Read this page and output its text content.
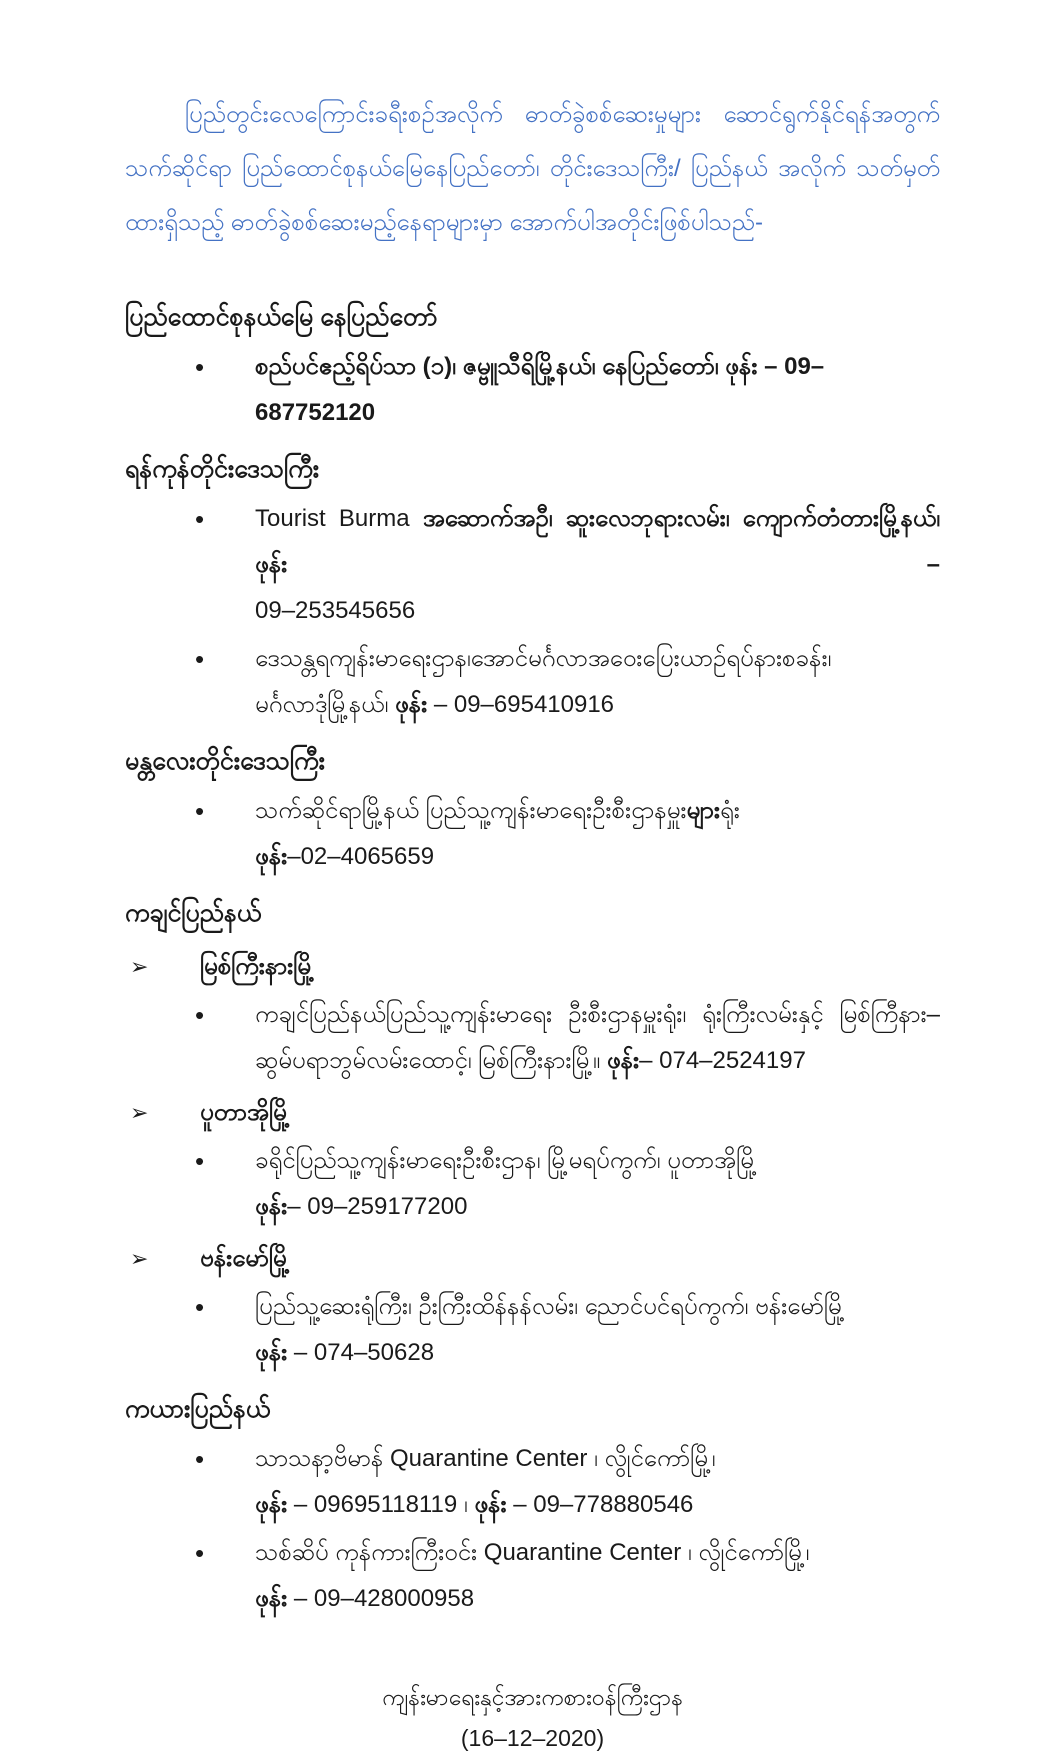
ပြည်တွင်းလေကြောင်းခရီးစဉ်အလိုက် ဓာတ်ခွဲစစ်ဆေးမှုများ ဆောင်ရွက်နိုင်ရန်အတွက် သက်ဆိုင်ရာ ပြည်ထောင်စုနယ်မြေနေပြည်တော်၊ တိုင်းဒေသကြီး/ ပြည်နယ် အလိုက် သတ်မှတ်ထားရှိသည့် ဓာတ်ခွဲစစ်ဆေးမည့်နေရာများမှာ အောက်ပါအတိုင်းဖြစ်ပါသည်-

ပြည်ထောင်စုနယ်မြေ နေပြည်တော်
•	စည်ပင်ဧည့်ရိပ်သာ (၁)၊ ဇမ္ဗူသီရိမြို့နယ်၊ နေပြည်တော်၊ ဖုန်း – 09–687752120
ရန်ကုန်တိုင်းဒေသကြီး
•	Tourist Burma အဆောက်အဦ၊ ဆူးလေဘုရားလမ်း၊ ကျောက်တံတားမြို့နယ်၊ ဖုန်း –
09–253545656
•	ဒေသန္တရကျန်းမာရေးဌာန၊အောင်မင်္ဂလာအဝေးပြေးယာဉ်ရပ်နားစခန်း၊
မင်္ဂလာဒုံမြို့နယ်၊ ဖုန်း – 09–695410916
မန္တလေးတိုင်းဒေသကြီး
•	သက်ဆိုင်ရာမြို့နယ် ပြည်သူ့ကျန်းမာရေးဦးစီးဌာနမှူးများရုံး
ဖုန်း–02–4065659
ကချင်ပြည်နယ်
➢	မြစ်ကြီးနားမြို့
•	ကချင်ပြည်နယ်ပြည်သူ့ကျန်းမာရေး ဦးစီးဌာနမှူးရုံး၊ ရုံးကြီးလမ်းနှင့် မြစ်ကြီနား–
ဆွမ်ပရာဘွမ်လမ်းထောင့်၊ မြစ်ကြီးနားမြို့။ ဖုန်း– 074–2524197
➢	ပူတာအိုမြို့
•	ခရိုင်ပြည်သူ့ကျန်းမာရေးဦးစီးဌာန၊ မြို့မရပ်ကွက်၊ ပူတာအိုမြို့
ဖုန်း– 09–259177200
➢	ဗန်းမော်မြို့
•	ပြည်သူ့ဆေးရုံကြီး၊ ဦးကြီးထိန်နန်လမ်း၊ ညောင်ပင်ရပ်ကွက်၊ ဗန်းမော်မြို့
ဖုန်း – 074–50628
ကယားပြည်နယ်
•	သာသနာ့ဗိမာန် Quarantine Center ၊ လွိုင်ကော်မြို့၊
ဖုန်း – 09695118119 ၊ ဖုန်း – 09–778880546
•	သစ်ဆိပ် ကုန်ကားကြီးဝင်း Quarantine Center ၊ လွိုင်ကော်မြို့၊
ဖုန်း – 09–428000958
ကျန်းမာရေးနှင့်အားကစားဝန်ကြီးဌာန
(16–12–2020)
